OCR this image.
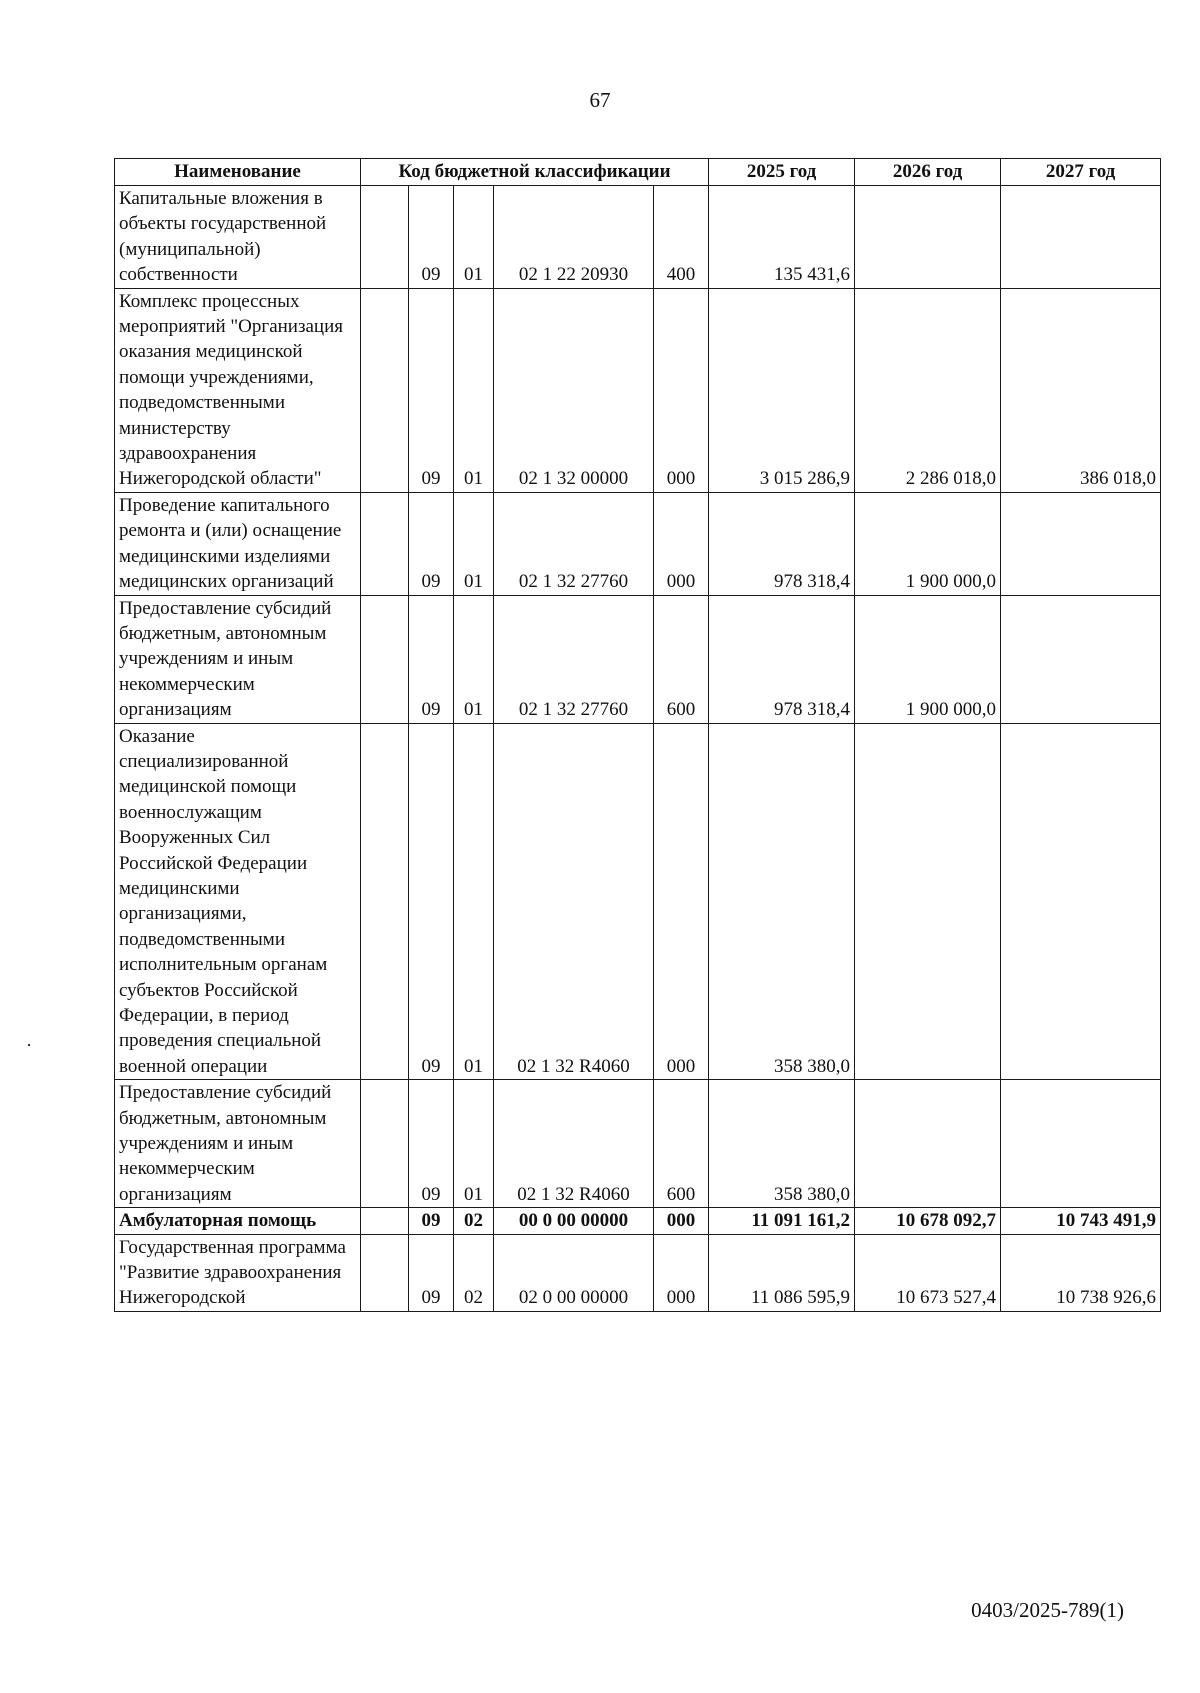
67
Наименование	Код бюджетной классификации					2025 год	2026 год	2027 год
Капитальные вложения в объекты государственной (муниципальной) собственности		09	01	02 1 22 20930	400	135 431,6		
Комплекс процессных мероприятий "Организация оказания медицинской помощи учреждениями, подведомственными министерству здравоохранения Нижегородской области"		09	01	02 1 32 00000	000	3 015 286,9	2 286 018,0	386 018,0
Проведение капитального ремонта и (или) оснащение медицинскими изделиями медицинских организаций		09	01	02 1 32 27760	000	978 318,4	1 900 000,0	
Предоставление субсидий бюджетным, автономным учреждениям и иным некоммерческим организациям		09	01	02 1 32 27760	600	978 318,4	1 900 000,0	
Оказание специализированной медицинской помощи военнослужащим Вооруженных Сил Российской Федерации медицинскими организациями, подведомственными исполнительным органам субъектов Российской Федерации, в период проведения специальной военной операции		09	01	02 1 32 R4060	000	358 380,0		
Предоставление субсидий бюджетным, автономным учреждениям и иным некоммерческим организациям		09	01	02 1 32 R4060	600	358 380,0		
Амбулаторная помощь		09	02	00 0 00 00000	000	11 091 161,2	10 678 092,7	10 743 491,9
Государственная программа "Развитие здравоохранения Нижегородской		09	02	02 0 00 00000	000	11 086 595,9	10 673 527,4	10 738 926,6
0403/2025-789(1)
